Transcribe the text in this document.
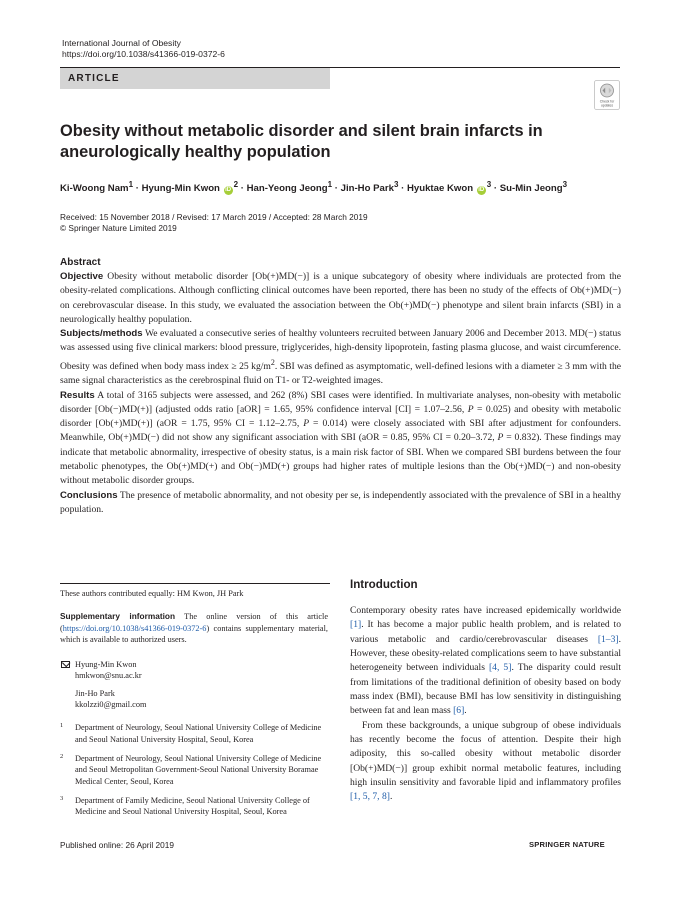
International Journal of Obesity
https://doi.org/10.1038/s41366-019-0372-6
ARTICLE
Check for
updates
Obesity without metabolic disorder and silent brain infarcts in aneurologically healthy population
Ki-Woong Nam$^1$ · Hyung-Min Kwon $iD^2$ · Han-Yeong Jeong$^1$ · Jin-Ho Park$^3$ · Hyuktae Kwon $iD^3 \cdot Su-Min$ Jeong$^3$
Received: 15 November 2018 / Revised: 17 March 2019 / Accepted: 28 March 2019
© Springer Nature Limited 2019
Abstract

Objective Obesity without metabolic disorder [Ob(+)MD(−)] is a unique subcategory of obesity where individuals are protected from the obesity-related complications. Although conflicting clinical outcomes have been reported, there has been no study of the effects of Ob(+)MD(−) on cerebrovascular disease. In this study, we evaluated the association between the Ob(+)MD(−) phenotype and silent brain infarcts (SBI) in a neurologically healthy population.

Subjects/methods We evaluated a consecutive series of healthy volunteers recruited between January 2006 and December 2013. MD(−) status was assessed using five clinical markers: blood pressure, triglycerides, high-density lipoprotein, fasting plasma glucose, and waist circumference. Obesity was defined when body mass index ≥ 25 $kg/m^2$. SBI was defined as asymptomatic, well-defined lesions with a diameter ≥ 3 mm with the same signal characteristics as the cerebrospinal fluid on T1- or T2-weighted images.

Results A total of 3165 subjects were assessed, and 262 (8%) SBI cases were identified. In multivariate analyses, non-obesity with metabolic disorder [Ob(−)MD(+)] (adjusted odds ratio [aOR] = 1.65, 95% confidence interval [CI] = 1.07–2.56, P = 0.025) and obesity with metabolic disorder [Ob(+)MD(+)] (aOR = 1.75, 95% CI = 1.12–2.75, P = 0.014) were closely associated with SBI after adjustment for confounders. Meanwhile, Ob(+)MD(−) did not show any significant association with SBI (aOR = 0.85, 95% CI = 0.20–3.72, P = 0.832). These findings may indicate that metabolic abnormality, irrespective of obesity status, is a main risk factor of SBI. When we compared SBI burdens between the four metabolic phenotypes, the Ob(+)MD(+) and Ob(−)MD(+) groups had higher rates of multiple lesions than the Ob(+)MD(−) and non-obesity without metabolic disorder groups.

Conclusions The presence of metabolic abnormality, and not obesity per se, is independently associated with the prevalence of SBI in a healthy population.

These authors contributed equally: HM Kwon, JH Park

Supplementary information The online version of this article (https://doi.org/10.1038/s41366-019-0372-6) contains supplementary material, which is available to authorized users.

Hyung-Min Kwon
hmkwon@snu.ac.kr
Jin-Ho Park
kkolzzi0@gmail.com

1 Department of Neurology, Seoul National University College of Medicine and Seoul National University Hospital, Seoul, Korea

2 Department of Neurology, Seoul National University College of Medicine and Seoul Metropolitan Government-Seoul National University Boramae Medical Center, Seoul, Korea

3 Department of Family Medicine, Seoul National University College of Medicine and Seoul National University Hospital, Seoul, Korea

Published online: 26 April 2019	SPRINGER NATURE
Introduction

Contemporary obesity rates have increased epidemically worldwide [1]. It has become a major public health problem, and is related to various metabolic and cardio/cerebrovascular diseases [1–3]. However, these obesity-related complications seem to have substantial heterogeneity between individuals [4, 5]. The disparity could result from limitations of the traditional definition of obesity based on body mass index (BMI), because BMI has low sensitivity in distinguishing between fat and lean mass [6].

From these backgrounds, a unique subgroup of obese individuals has recently become the focus of attention. Despite their high adiposity, this so-called obesity without metabolic disorder [Ob(+)MD(−)] group exhibit normal metabolic features, including high insulin sensitivity and favorable lipid and inflammatory profiles [1, 5, 7, 8].
